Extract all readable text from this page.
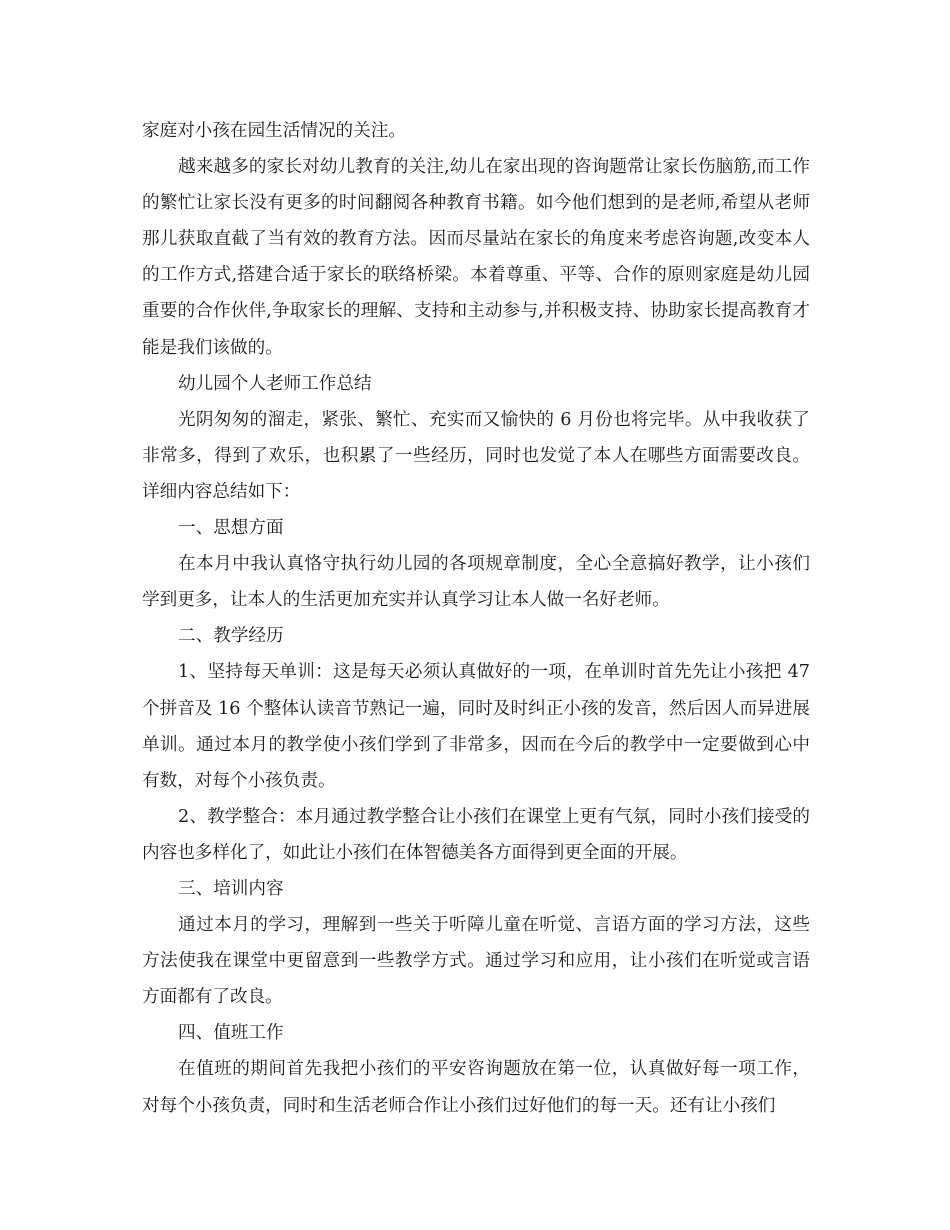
家庭对小孩在园生活情况的关注。

越来越多的家长对幼儿教育的关注,幼儿在家出现的咨询题常让家长伤脑筋,而工作的繁忙让家长没有更多的时间翻阅各种教育书籍。如今他们想到的是老师,希望从老师那儿获取直截了当有效的教育方法。因而尽量站在家长的角度来考虑咨询题,改变本人的工作方式,搭建合适于家长的联络桥梁。本着尊重、平等、合作的原则家庭是幼儿园重要的合作伙伴,争取家长的理解、支持和主动参与,并积极支持、协助家长提高教育才能是我们该做的。

幼儿园个人老师工作总结

光阴匆匆的溜走，紧张、繁忙、充实而又愉快的 6 月份也将完毕。从中我收获了非常多，得到了欢乐，也积累了一些经历，同时也发觉了本人在哪些方面需要改良。详细内容总结如下：

一、思想方面

在本月中我认真恪守执行幼儿园的各项规章制度，全心全意搞好教学，让小孩们学到更多，让本人的生活更加充实并认真学习让本人做一名好老师。

二、教学经历

1、坚持每天单训：这是每天必须认真做好的一项，在单训时首先先让小孩把 47 个拼音及 16 个整体认读音节熟记一遍，同时及时纠正小孩的发音，然后因人而异进展单训。通过本月的教学使小孩们学到了非常多，因而在今后的教学中一定要做到心中有数，对每个小孩负责。

2、教学整合：本月通过教学整合让小孩们在课堂上更有气氛，同时小孩们接受的内容也多样化了，如此让小孩们在体智德美各方面得到更全面的开展。

三、培训内容

通过本月的学习，理解到一些关于听障儿童在听觉、言语方面的学习方法，这些方法使我在课堂中更留意到一些教学方式。通过学习和应用，让小孩们在听觉或言语方面都有了改良。

四、值班工作

在值班的期间首先我把小孩们的平安咨询题放在第一位，认真做好每一项工作，对每个小孩负责，同时和生活老师合作让小孩们过好他们的每一天。还有让小孩们
